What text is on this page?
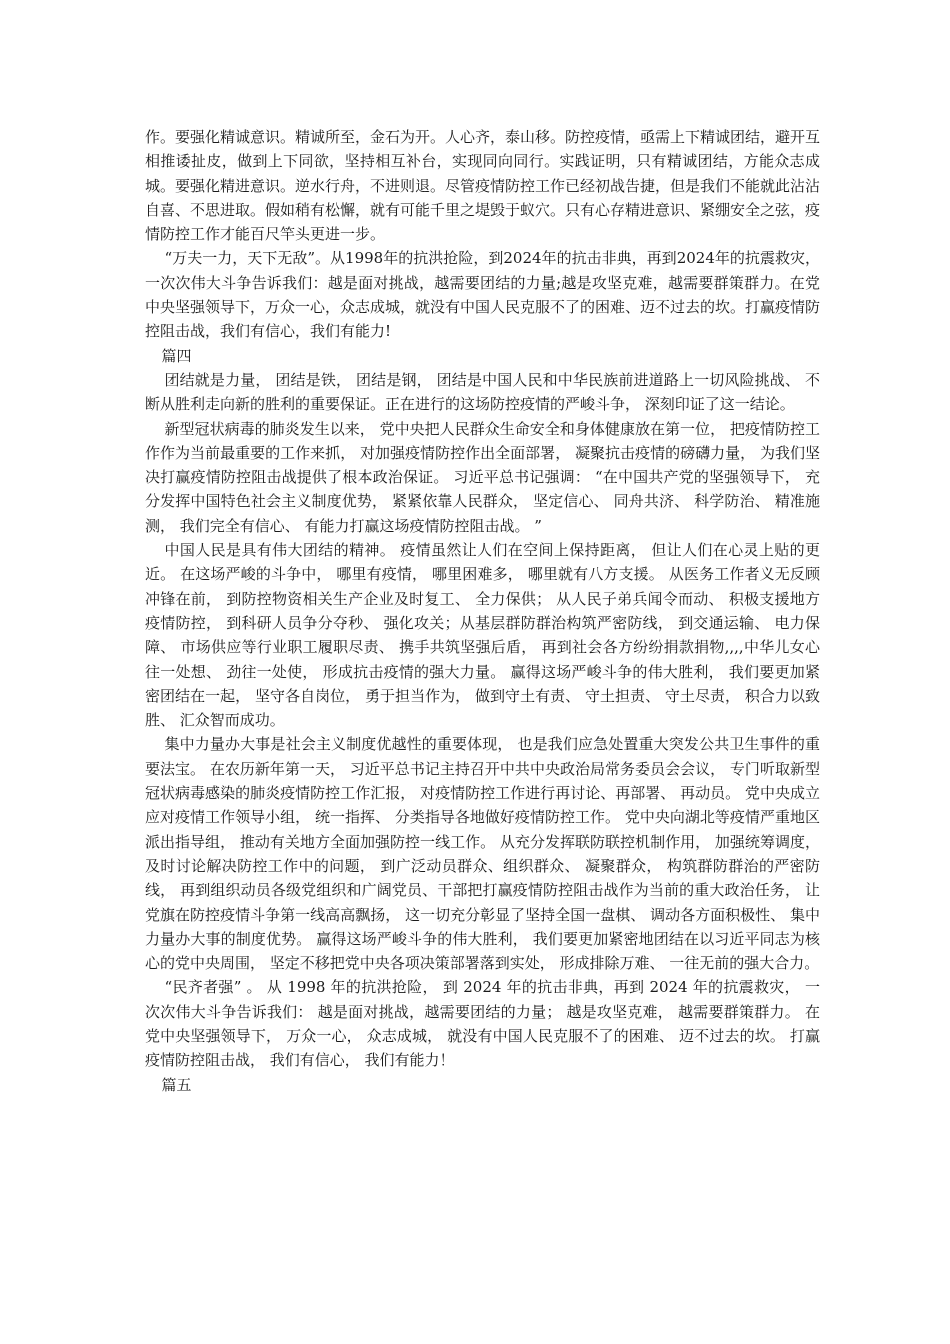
作。要强化精诚意识。精诚所至，金石为开。人心齐，泰山移。防控疫情，亟需上下精诚团结，避开互相推诿扯皮，做到上下同欲，坚持相互补台，实现同向同行。实践证明，只有精诚团结，方能众志成城。要强化精进意识。逆水行舟，不进则退。尽管疫情防控工作已经初战告捷，但是我们不能就此沾沾自喜、不思进取。假如稍有松懈，就有可能千里之堤毁于蚁穴。只有心存精进意识、紧绷安全之弦，疫情防控工作才能百尺竿头更进一步。

“万夫一力，天下无敌”。从1998年的抗洪抢险，到2024年的抗击非典，再到2024年的抗震救灾，一次次伟大斗争告诉我们：越是面对挑战，越需要团结的力量;越是攻坚克难，越需要群策群力。在党中央坚强领导下，万众一心，众志成城，就没有中国人民克服不了的困难、迈不过去的坎。打赢疫情防控阻击战，我们有信心，我们有能力!

篇四

团结就是力量， 团结是铁， 团结是钢， 团结是中国人民和中华民族前进道路上一切风险挑战、 不断从胜利走向新的胜利的重要保证。正在进行的这场防控疫情的严峻斗争， 深刻印证了这一结论。

新型冠状病毒的肺炎发生以来， 党中央把人民群众生命安全和身体健康放在第一位， 把疫情防控工作作为当前最重要的工作来抓， 对加强疫情防控作出全面部署， 凝聚抗击疫情的磅礴力量， 为我们坚决打赢疫情防控阻击战提供了根本政治保证。 习近平总书记强调： “在中国共产党的坚强领导下， 充分发挥中国特色社会主义制度优势， 紧紧依靠人民群众， 坚定信心、 同舟共济、 科学防治、 精准施测， 我们完全有信心、 有能力打赢这场疫情防控阻击战。 ”

中国人民是具有伟大团结的精神。 疫情虽然让人们在空间上保持距离， 但让人们在心灵上贴的更近。 在这场严峻的斗争中， 哪里有疫情， 哪里困难多， 哪里就有八方支援。 从医务工作者义无反顾冲锋在前， 到防控物资相关生产企业及时复工、 全力保供； 从人民子弟兵闻令而动、 积极支援地方疫情防控， 到科研人员争分夺秒、 强化攻关；从基层群防群治构筑严密防线， 到交通运输、 电力保障、 市场供应等行业职工履职尽责、 携手共筑坚强后盾， 再到社会各方纷纷捐款捐物,,,,中华儿女心往一处想、 劲往一处使， 形成抗击疫情的强大力量。 赢得这场严峻斗争的伟大胜利， 我们要更加紧密团结在一起， 坚守各自岗位， 勇于担当作为， 做到守土有责、 守土担责、 守土尽责， 积合力以致胜、 汇众智而成功。

集中力量办大事是社会主义制度优越性的重要体现， 也是我们应急处置重大突发公共卫生事件的重要法宝。 在农历新年第一天， 习近平总书记主持召开中共中央政治局常务委员会会议， 专门听取新型冠状病毒感染的肺炎疫情防控工作汇报， 对疫情防控工作进行再讨论、再部署、 再动员。 党中央成立应对疫情工作领导小组， 统一指挥、 分类指导各地做好疫情防控工作。 党中央向湖北等疫情严重地区派出指导组， 推动有关地方全面加强防控一线工作。 从充分发挥联防联控机制作用， 加强统筹调度， 及时讨论解决防控工作中的问题， 到广泛动员群众、组织群众、 凝聚群众， 构筑群防群治的严密防线， 再到组织动员各级党组织和广阔党员、干部把打赢疫情防控阻击战作为当前的重大政治任务， 让党旗在防控疫情斗争第一线高高飘扬， 这一切充分彰显了坚持全国一盘棋、 调动各方面积极性、 集中力量办大事的制度优势。 赢得这场严峻斗争的伟大胜利， 我们要更加紧密地团结在以习近平同志为核心的党中央周围， 坚定不移把党中央各项决策部署落到实处， 形成排除万难、 一往无前的强大合力。

“民齐者强” 。 从 1998 年的抗洪抢险， 到 2024 年的抗击非典，再到 2024 年的抗震救灾， 一次次伟大斗争告诉我们： 越是面对挑战，越需要团结的力量； 越是攻坚克难， 越需要群策群力。 在党中央坚强领导下， 万众一心， 众志成城， 就没有中国人民克服不了的困难、 迈不过去的坎。 打赢疫情防控阻击战， 我们有信心， 我们有能力！

篇五
